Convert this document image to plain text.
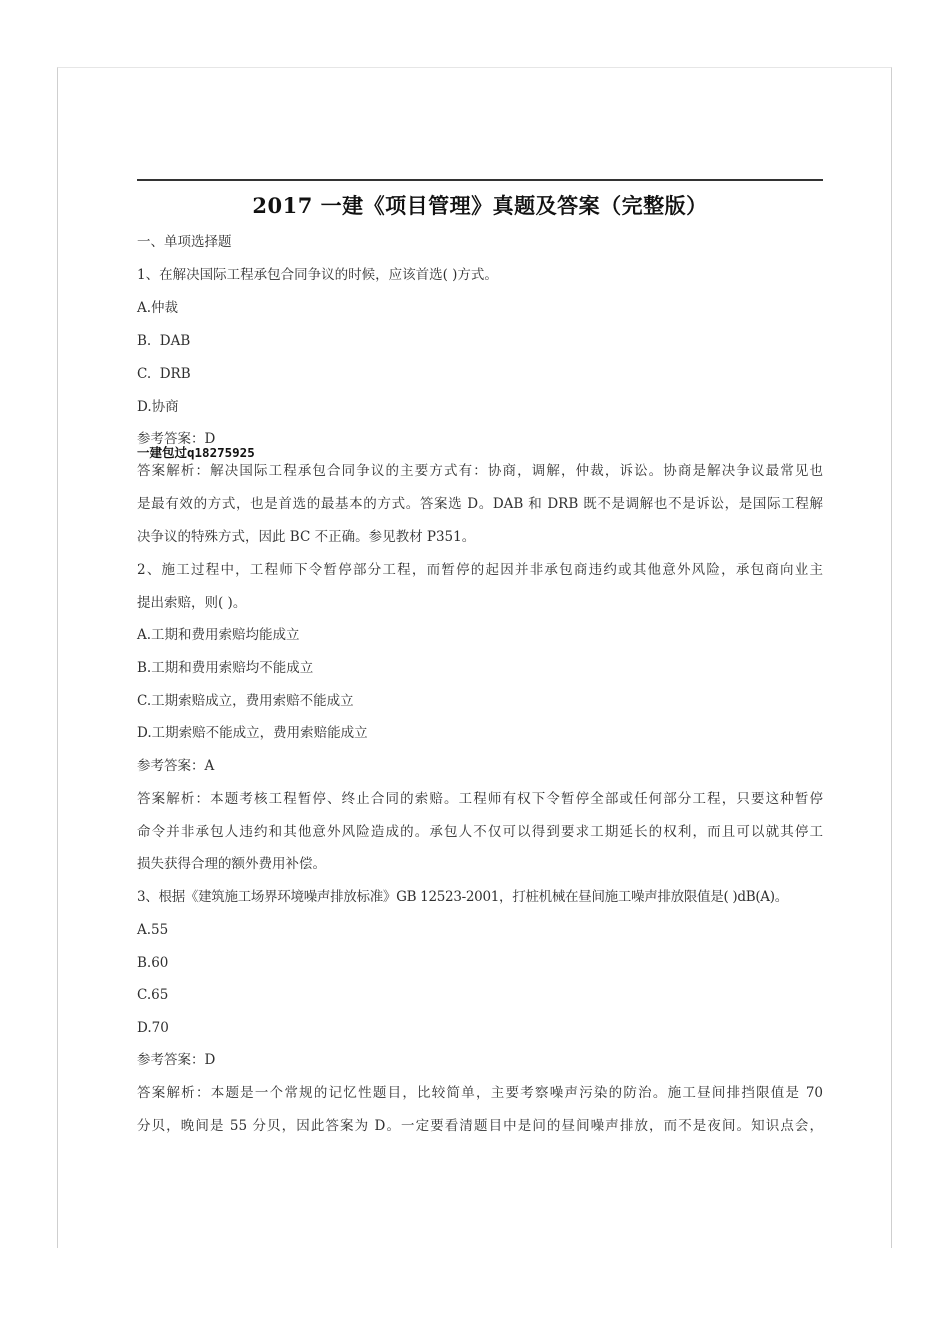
2017 一建《项目管理》真题及答案（完整版）
一、单项选择题
1、在解决国际工程承包合同争议的时候，应该首选( )方式。
A.仲裁
B.  DAB
C.  DRB
D.协商
参考答案：D
一建包过q18275925
答案解析：解决国际工程承包合同争议的主要方式有：协商，调解，仲裁，诉讼。协商是解决争议最常见也
是最有效的方式，也是首选的最基本的方式。答案选 D。DAB 和 DRB 既不是调解也不是诉讼，是国际工程解
决争议的特殊方式，因此 BC 不正确。参见教材 P351。
2、施工过程中，工程师下令暂停部分工程，而暂停的起因并非承包商违约或其他意外风险，承包商向业主
提出索赔，则( )。
A.工期和费用索赔均能成立
B.工期和费用索赔均不能成立
C.工期索赔成立，费用索赔不能成立
D.工期索赔不能成立，费用索赔能成立
参考答案：A
答案解析：本题考核工程暂停、终止合同的索赔。工程师有权下令暂停全部或任何部分工程，只要这种暂停
命令并非承包人违约和其他意外风险造成的。承包人不仅可以得到要求工期延长的权利，而且可以就其停工
损失获得合理的额外费用补偿。
3、根据《建筑施工场界环境噪声排放标准》GB 12523-2001，打桩机械在昼间施工噪声排放限值是( )dB(A)。
A.55
B.60
C.65
D.70
参考答案：D
答案解析：本题是一个常规的记忆性题目，比较简单，主要考察噪声污染的防治。施工昼间排挡限值是 70
分贝，晚间是 55 分贝，因此答案为 D。一定要看清题目中是问的昼间噪声排放，而不是夜间。知识点会，
